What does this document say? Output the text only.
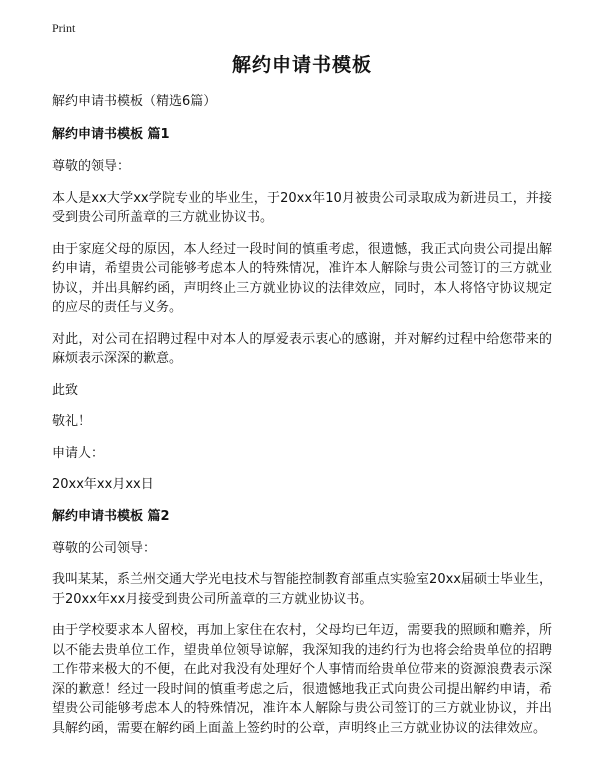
Print
解约申请书模板
解约申请书模板（精选6篇）
解约申请书模板 篇1
尊敬的领导：
本人是xx大学xx学院专业的毕业生，于20xx年10月被贵公司录取成为新进员工，并接受到贵公司所盖章的三方就业协议书。
由于家庭父母的原因，本人经过一段时间的慎重考虑，很遗憾，我正式向贵公司提出解约申请，希望贵公司能够考虑本人的特殊情况，准许本人解除与贵公司签订的三方就业协议，并出具解约函，声明终止三方就业协议的法律效应，同时，本人将恪守协议规定的应尽的责任与义务。
对此，对公司在招聘过程中对本人的厚爱表示衷心的感谢，并对解约过程中给您带来的麻烦表示深深的歉意。
此致
敬礼！
申请人：
20xx年xx月xx日
解约申请书模板 篇2
尊敬的公司领导：
我叫某某，系兰州交通大学光电技术与智能控制教育部重点实验室20xx届硕士毕业生，于20xx年xx月接受到贵公司所盖章的三方就业协议书。
由于学校要求本人留校，再加上家住在农村，父母均已年迈，需要我的照顾和赡养，所以不能去贵单位工作，望贵单位领导谅解，我深知我的违约行为也将会给贵单位的招聘工作带来极大的不便，在此对我没有处理好个人事情而给贵单位带来的资源浪费表示深深的歉意！经过一段时间的慎重考虑之后，很遗憾地我正式向贵公司提出解约申请，希望贵公司能够考虑本人的特殊情况，准许本人解除与贵公司签订的三方就业协议，并出具解约函，需要在解约函上面盖上签约时的公章，声明终止三方就业协议的法律效应。
